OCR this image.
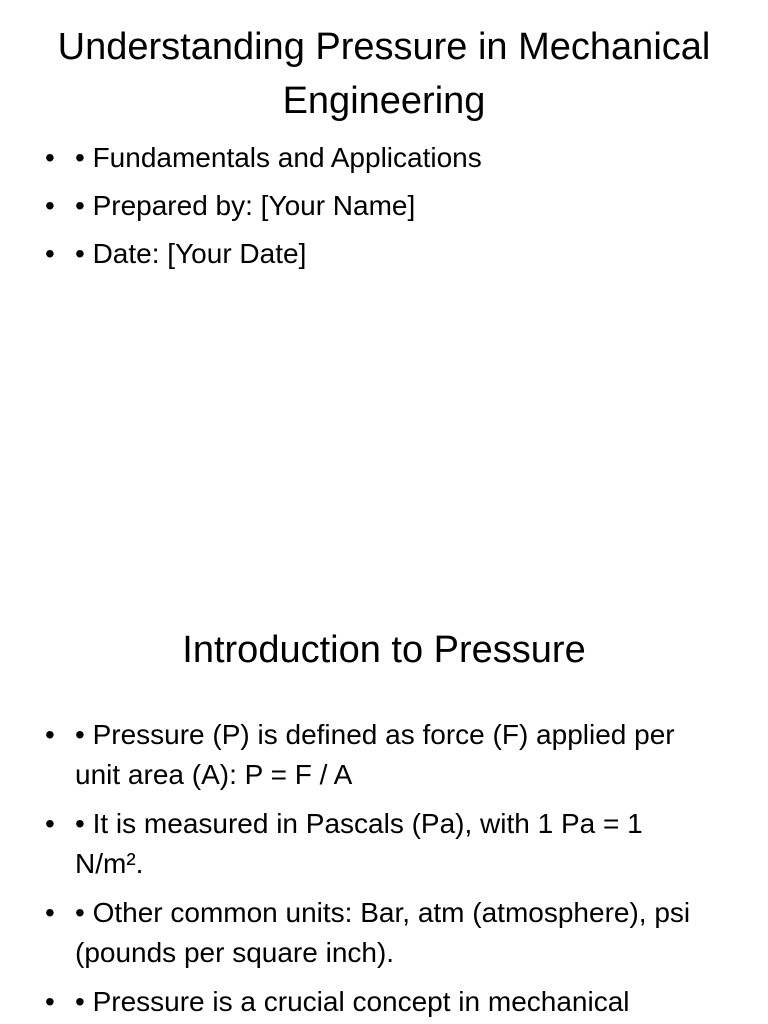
Understanding Pressure in Mechanical Engineering
• • Fundamentals and Applications
• • Prepared by: [Your Name]
• • Date: [Your Date]
Introduction to Pressure
• • Pressure (P) is defined as force (F) applied per unit area (A): P = F / A
• • It is measured in Pascals (Pa), with 1 Pa = 1 N/m².
• • Other common units: Bar, atm (atmosphere), psi (pounds per square inch).
• • Pressure is a crucial concept in mechanical
